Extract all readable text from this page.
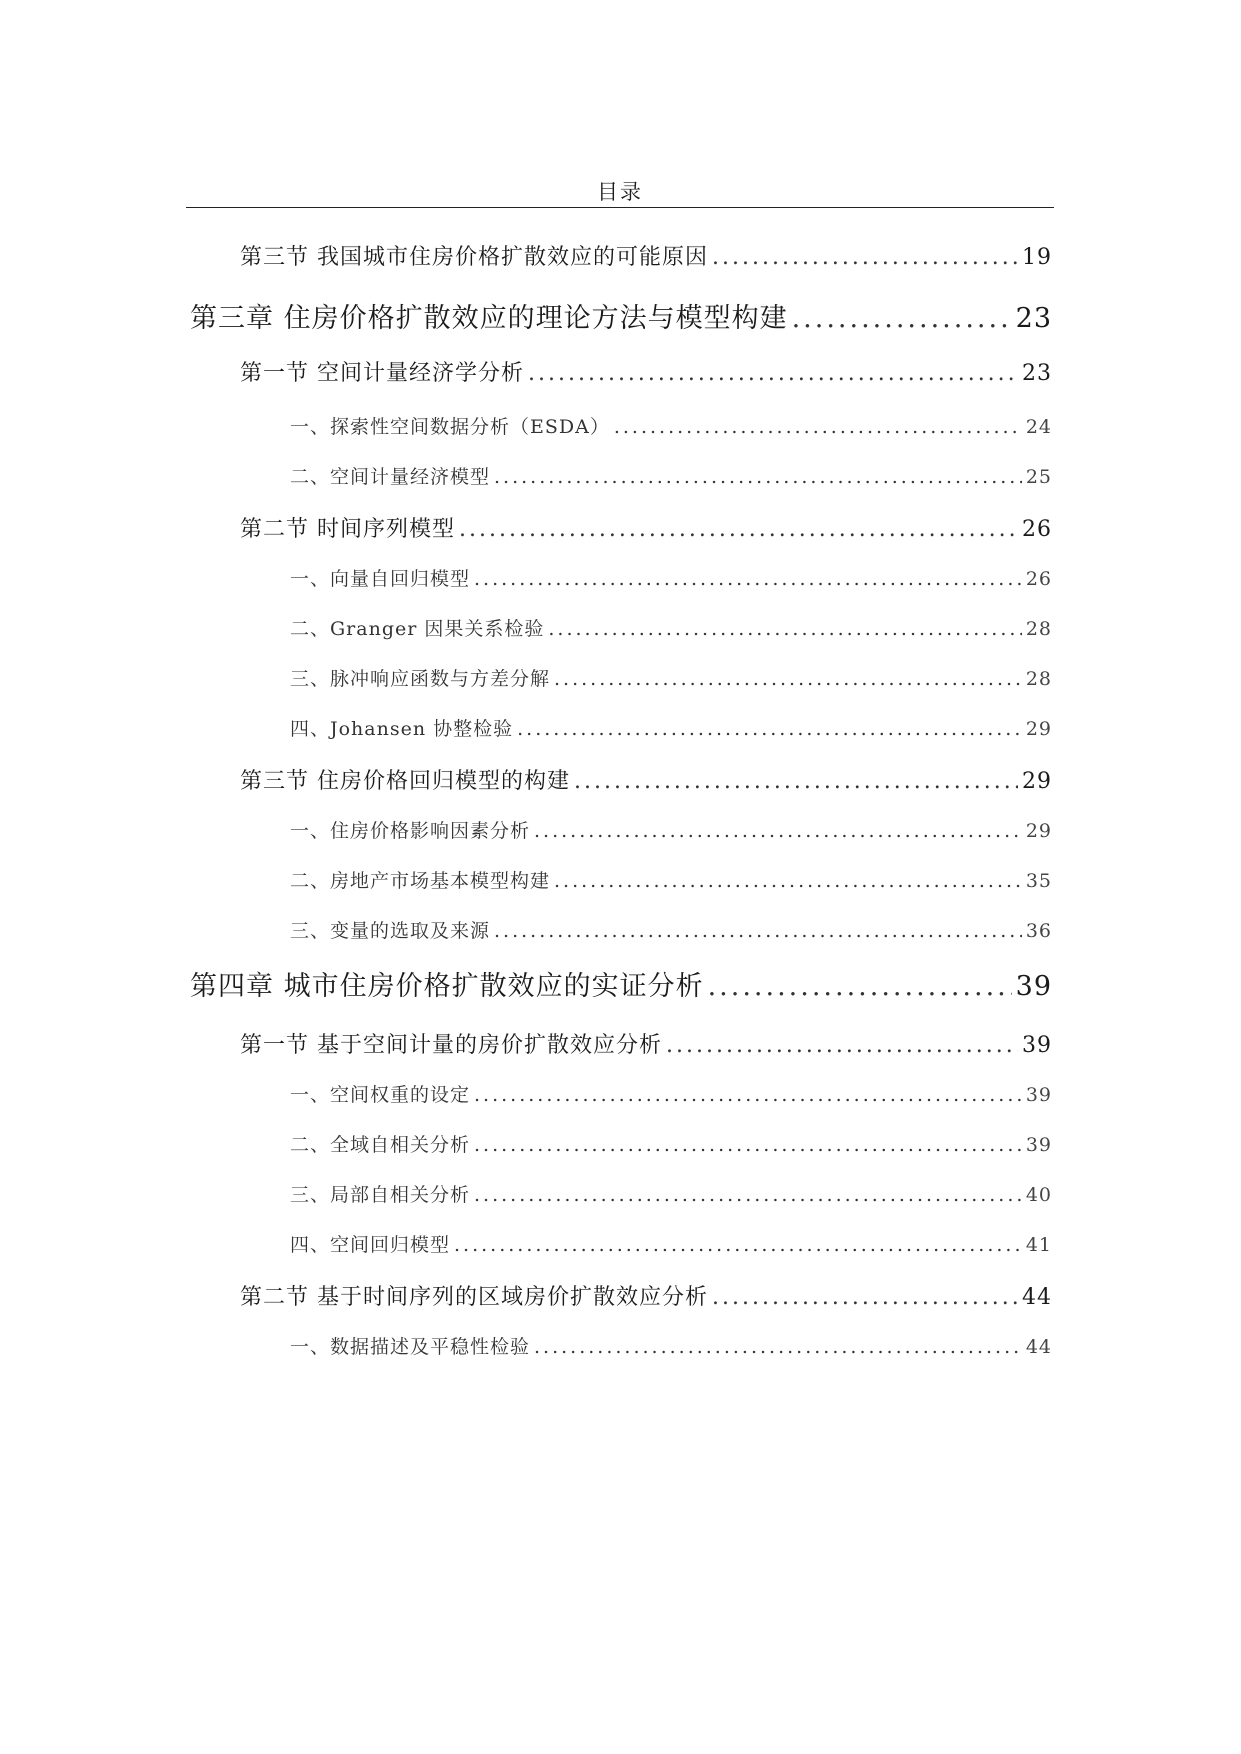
目录
第三节 我国城市住房价格扩散效应的可能原因 .....	19
第三章 住房价格扩散效应的理论方法与模型构建 .....	23
第一节 空间计量经济学分析 .....	23
一、探索性空间数据分析（ESDA） .....	24
二、空间计量经济模型 .....	25
第二节 时间序列模型 .....	26
一、向量自回归模型 .....	26
二、Granger 因果关系检验 .....	28
三、脉冲响应函数与方差分解 .....	28
四、Johansen 协整检验 .....	29
第三节 住房价格回归模型的构建 .....	29
一、住房价格影响因素分析 .....	29
二、房地产市场基本模型构建 .....	35
三、变量的选取及来源 .....	36
第四章 城市住房价格扩散效应的实证分析 .....	39
第一节 基于空间计量的房价扩散效应分析 .....	39
一、空间权重的设定 .....	39
二、全域自相关分析 .....	39
三、局部自相关分析 .....	40
四、空间回归模型 .....	41
第二节 基于时间序列的区域房价扩散效应分析 .....	44
一、数据描述及平稳性检验 .....	44
